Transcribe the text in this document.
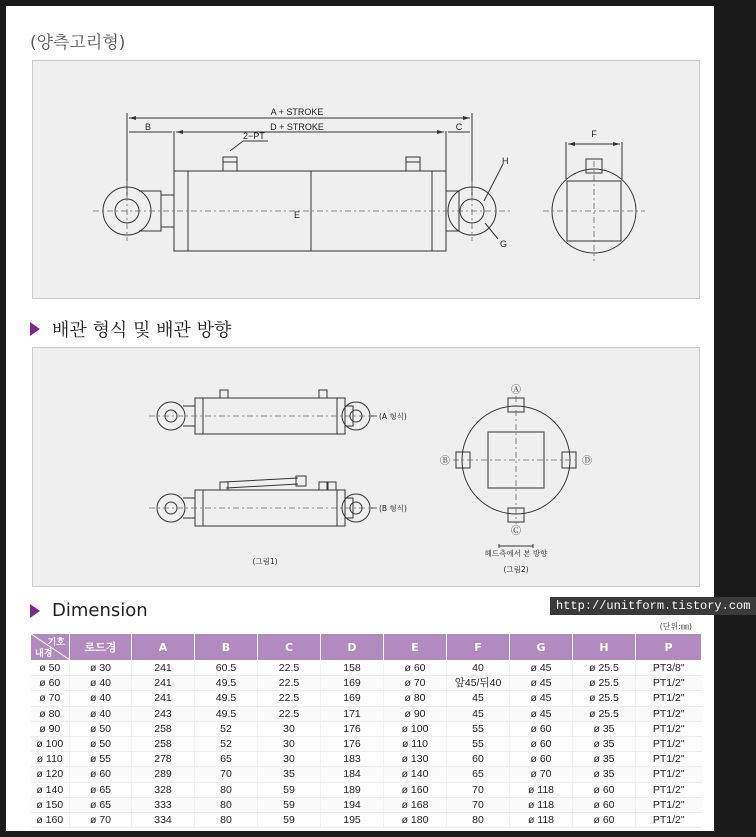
(양측고리형)
A + STROKE
D + STROKE
B	C
2−PT
E
F
G
H
배관 형식 및 배관 방향
(A 형식)
(B 형식)
(그림1)
헤드측에서 본 방향
(그림2)
Ⓐ
Ⓑ
Ⓒ
Ⓓ
Dimension	http://unitform.tistory.com
(단위:㎜)
기호
내경	로드경	A	B	C	D	E	F	G	H	P
ø 50	ø 30	241	60.5	22.5	158	ø 60	40	ø 45	ø 25.5	PT3/8"
ø 60	ø 40	241	49.5	22.5	169	ø 70	앞45/뒤40	ø 45	ø 25.5	PT1/2"
ø 70	ø 40	241	49.5	22.5	169	ø 80	45	ø 45	ø 25.5	PT1/2"
ø 80	ø 40	243	49.5	22.5	171	ø 90	45	ø 45	ø 25.5	PT1/2"
ø 90	ø 50	258	52	30	176	ø 100	55	ø 60	ø 35	PT1/2"
ø 100	ø 50	258	52	30	176	ø 110	55	ø 60	ø 35	PT1/2"
ø 110	ø 55	278	65	30	183	ø 130	60	ø 60	ø 35	PT1/2"
ø 120	ø 60	289	70	35	184	ø 140	65	ø 70	ø 35	PT1/2"
ø 140	ø 65	328	80	59	189	ø 160	70	ø 118	ø 60	PT1/2"
ø 150	ø 65	333	80	59	194	ø 168	70	ø 118	ø 60	PT1/2"
ø 160	ø 70	334	80	59	195	ø 180	80	ø 118	ø 60	PT1/2"
